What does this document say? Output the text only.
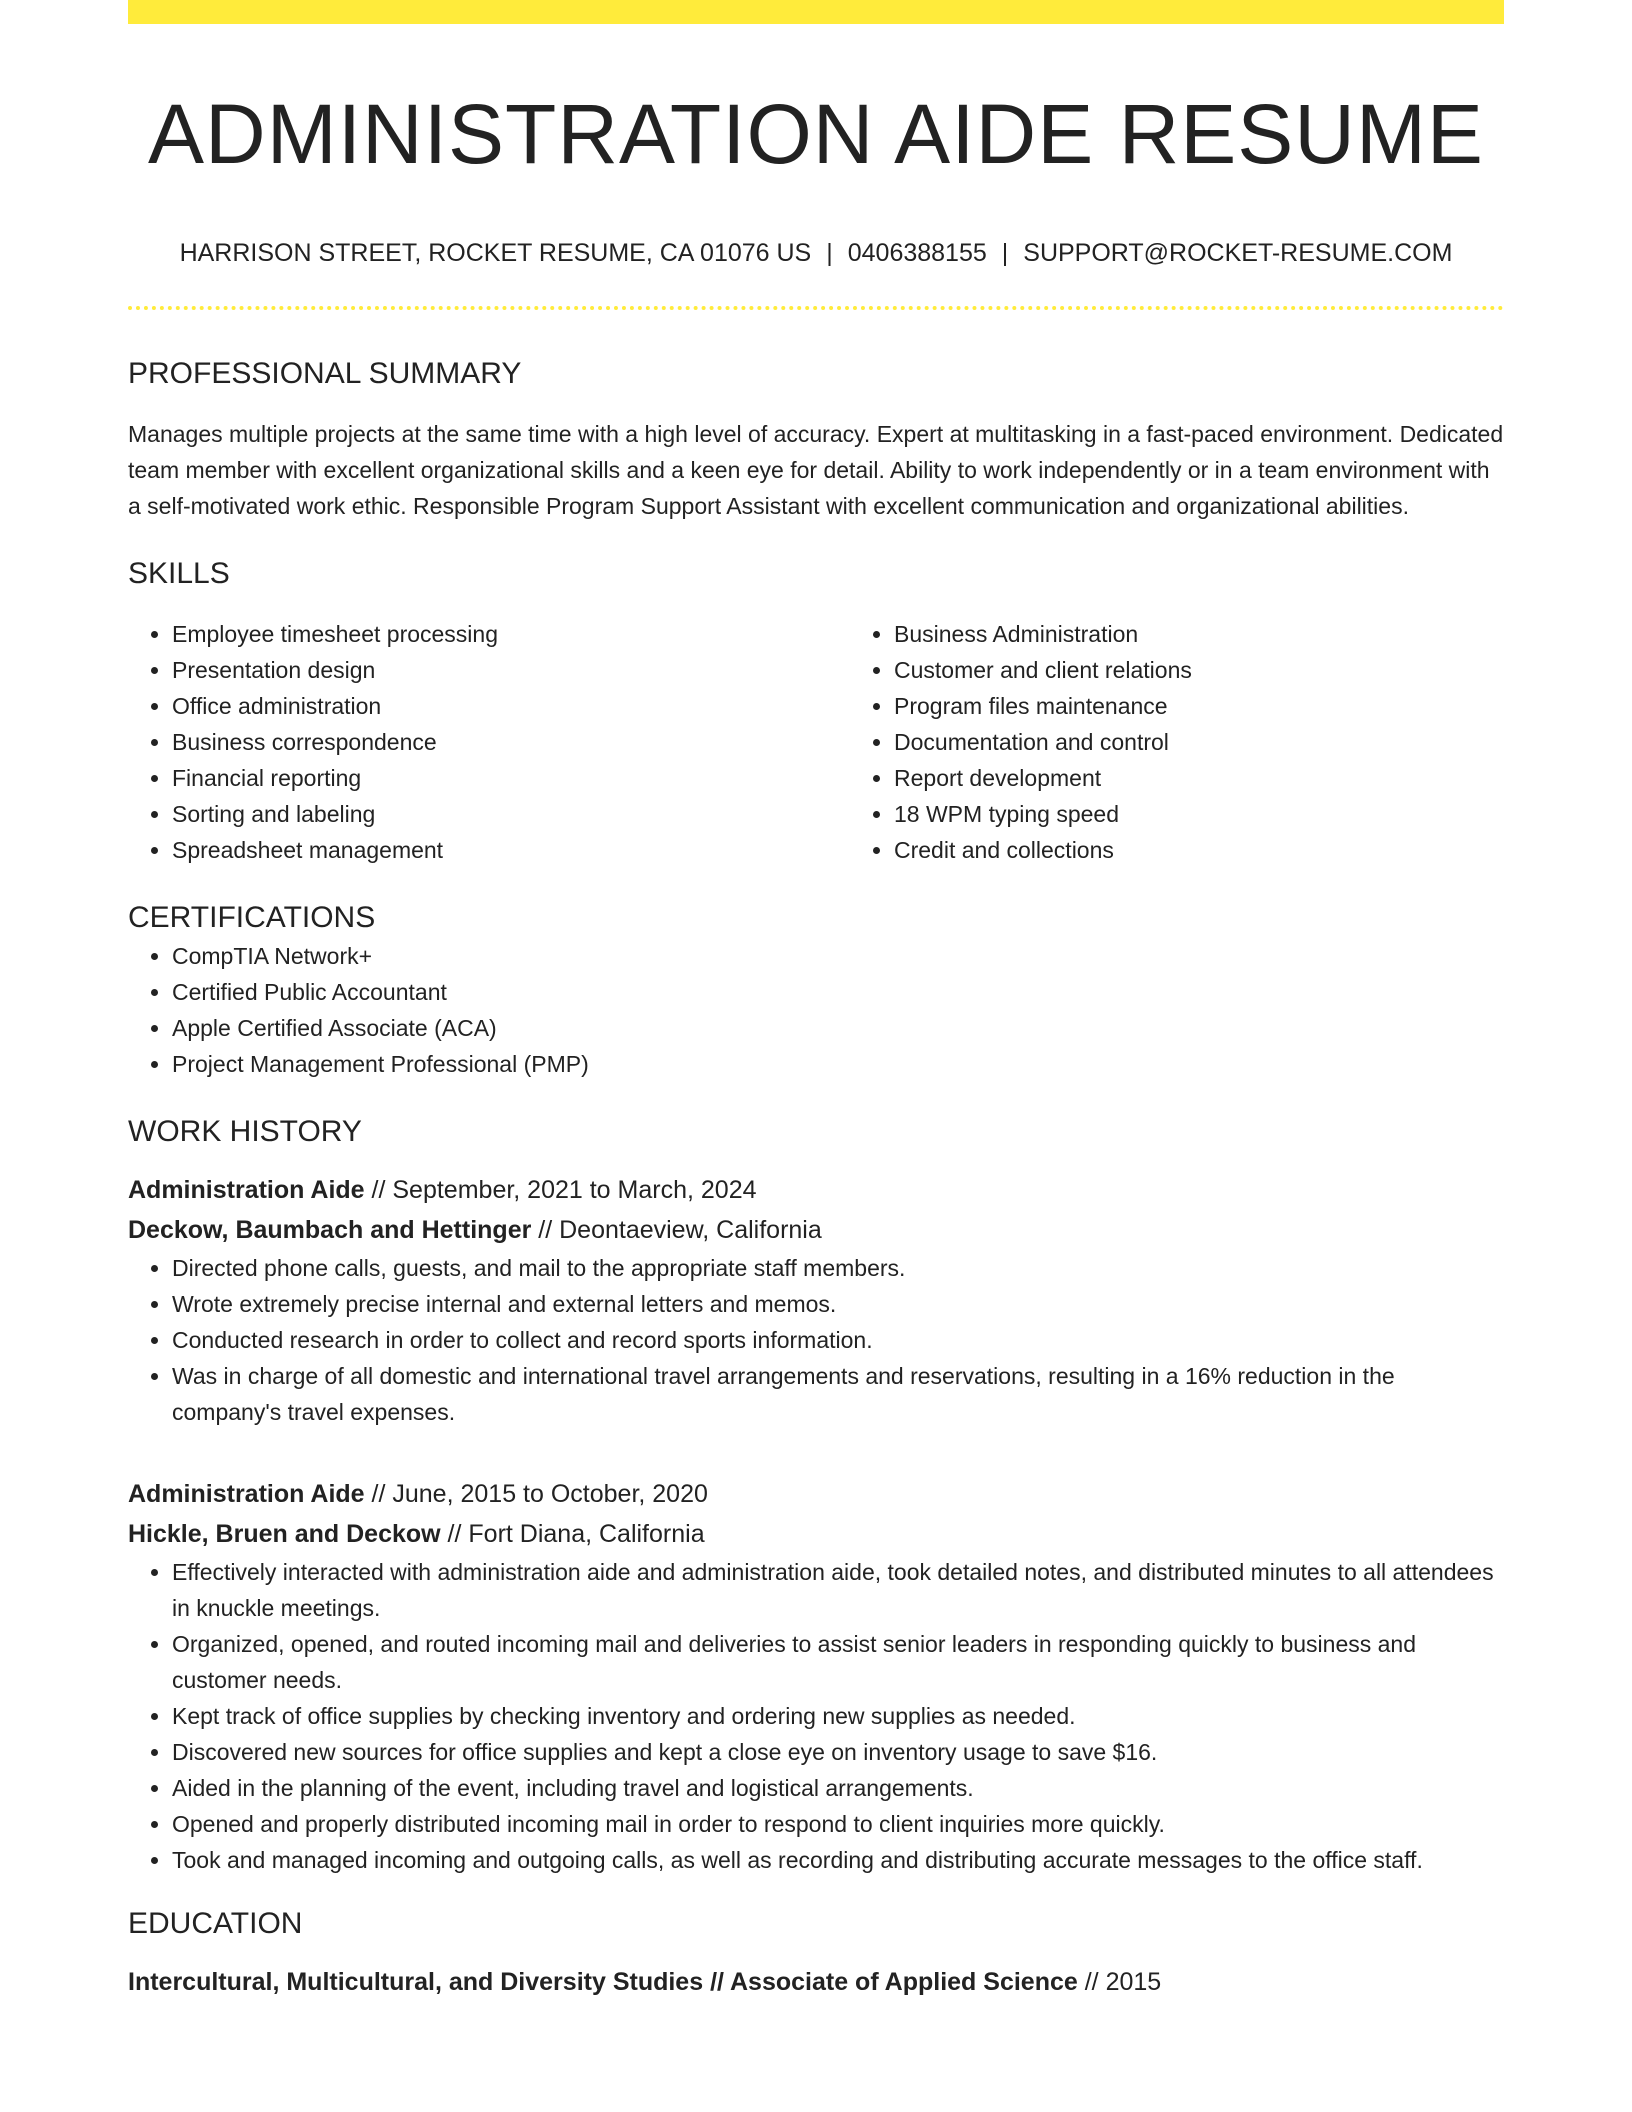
ADMINISTRATION AIDE RESUME
HARRISON STREET, ROCKET RESUME, CA 01076 US | 0406388155 | SUPPORT@ROCKET-RESUME.COM
PROFESSIONAL SUMMARY

Manages multiple projects at the same time with a high level of accuracy. Expert at multitasking in a fast-paced environment. Dedicated team member with excellent organizational skills and a keen eye for detail. Ability to work independently or in a team environment with a self-motivated work ethic. Responsible Program Support Assistant with excellent communication and organizational abilities.

SKILLS
• Employee timesheet processing
• Presentation design
• Office administration
• Business correspondence
• Financial reporting
• Sorting and labeling
• Spreadsheet management
• Business Administration
• Customer and client relations
• Program files maintenance
• Documentation and control
• Report development
• 18 WPM typing speed
• Credit and collections
CERTIFICATIONS
• CompTIA Network+
• Certified Public Accountant
• Apple Certified Associate (ACA)
• Project Management Professional (PMP)
WORK HISTORY
Administration Aide // September, 2021 to March, 2024
Deckow, Baumbach and Hettinger // Deontaeview, California
• Directed phone calls, guests, and mail to the appropriate staff members.
• Wrote extremely precise internal and external letters and memos.
• Conducted research in order to collect and record sports information.
• Was in charge of all domestic and international travel arrangements and reservations, resulting in a 16% reduction in the company's travel expenses.
Administration Aide // June, 2015 to October, 2020
Hickle, Bruen and Deckow // Fort Diana, California
• Effectively interacted with administration aide and administration aide, took detailed notes, and distributed minutes to all attendees in knuckle meetings.
• Organized, opened, and routed incoming mail and deliveries to assist senior leaders in responding quickly to business and customer needs.
• Kept track of office supplies by checking inventory and ordering new supplies as needed.
• Discovered new sources for office supplies and kept a close eye on inventory usage to save $16.
• Aided in the planning of the event, including travel and logistical arrangements.
• Opened and properly distributed incoming mail in order to respond to client inquiries more quickly.
• Took and managed incoming and outgoing calls, as well as recording and distributing accurate messages to the office staff.
EDUCATION
Intercultural, Multicultural, and Diversity Studies // Associate of Applied Science // 2015
